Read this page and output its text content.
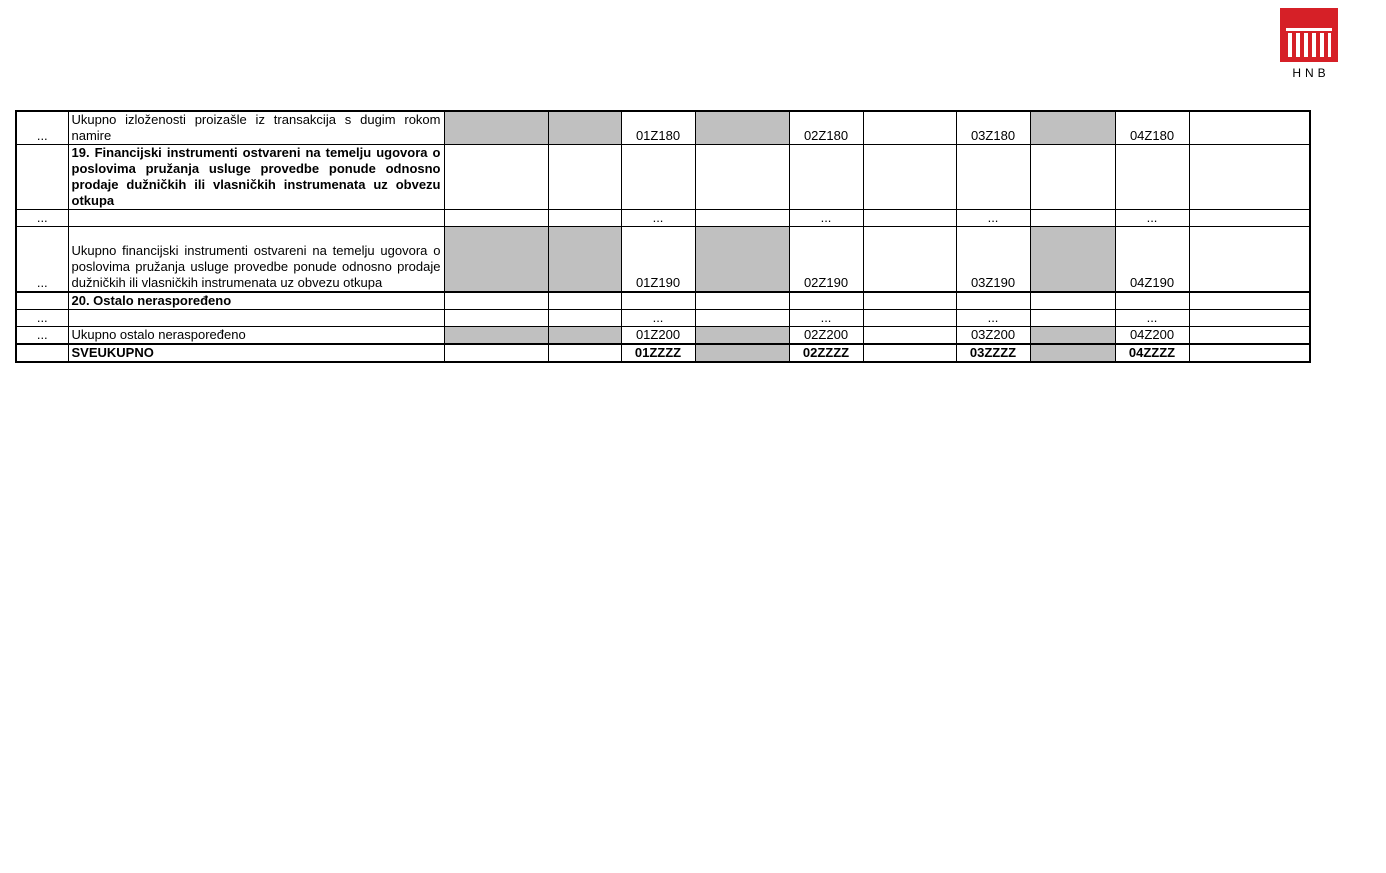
HNB
...	Ukupno izloženosti proizašle iz transakcija s dugim rokom namire			01Z180		02Z180		03Z180		04Z180	
	19. Financijski instrumenti ostvareni na temelju ugovora o poslovima pružanja usluge provedbe ponude odnosno prodaje dužničkih ili vlasničkih instrumenata uz obvezu otkupa										
...				...		...		...		...	
...	Ukupno financijski instrumenti ostvareni na temelju ugovora o poslovima pružanja usluge provedbe ponude odnosno prodaje dužničkih ili vlasničkih instrumenata uz obvezu otkupa			01Z190		02Z190		03Z190		04Z190	
	20. Ostalo neraspoređeno										
...				...		...		...		...	
...	Ukupno ostalo neraspoređeno			01Z200		02Z200		03Z200		04Z200	
	SVEUKUPNO			01ZZZZ		02ZZZZ		03ZZZZ		04ZZZZ	
